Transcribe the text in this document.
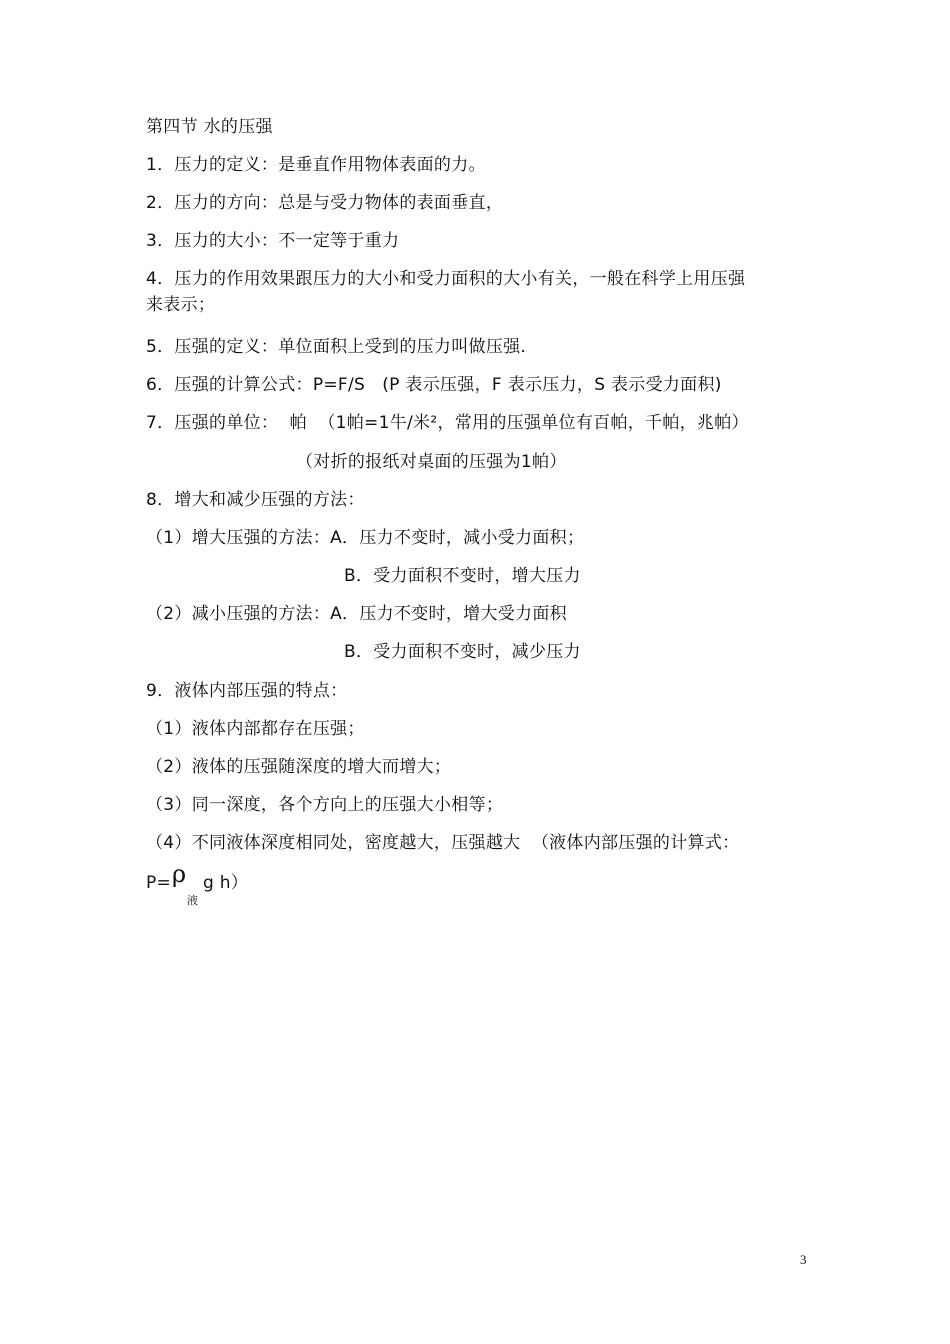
第四节 水的压强
1．压力的定义：是垂直作用物体表面的力。
2．压力的方向：总是与受力物体的表面垂直，
3．压力的大小：不一定等于重力
4．压力的作用效果跟压力的大小和受力面积的大小有关，一般在科学上用压强
来表示；
5．压强的定义：单位面积上受到的压力叫做压强.
6．压强的计算公式：P=F/S   (P 表示压强，F 表示压力，S 表示受力面积)
7．压强的单位：  帕  （1帕=1牛/米²，常用的压强单位有百帕，千帕，兆帕）
（对折的报纸对桌面的压强为1帕）
8．增大和减少压强的方法：
（1）增大压强的方法：A．压力不变时，减小受力面积；
B．受力面积不变时，增大压力
（2）减小压强的方法：A．压力不变时，增大受力面积
B．受力面积不变时，减少压力
9．液体内部压强的特点：
（1）液体内部都存在压强；
（2）液体的压强随深度的增大而增大；
（3）同一深度，各个方向上的压强大小相等；
（4）不同液体深度相同处，密度越大，压强越大  （液体内部压强的计算式：
P= ρ
液
g h）
3
